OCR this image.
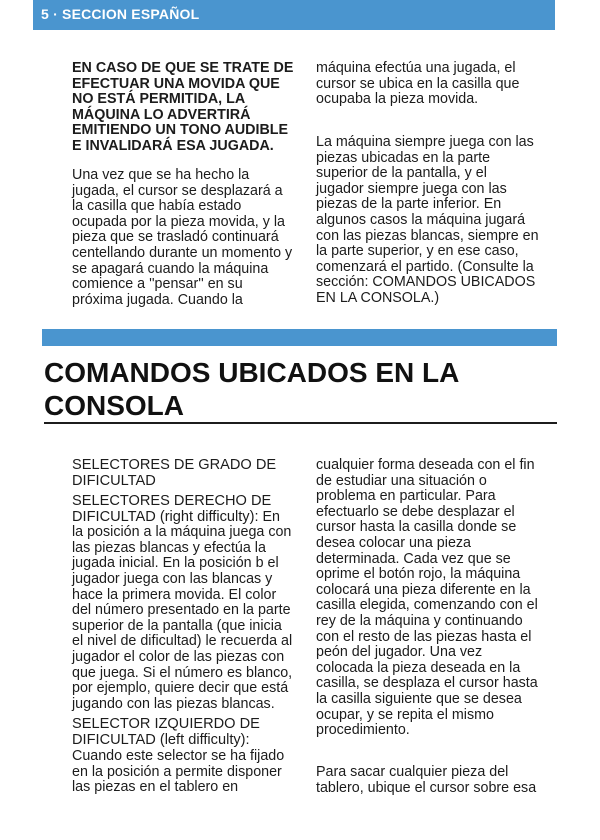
5 · SECCION ESPAÑOL

EN CASO DE QUE SE TRATE DE
EFECTUAR UNA MOVIDA QUE
NO ESTÁ PERMITIDA, LA
MÁQUINA LO ADVERTIRÁ
EMITIENDO UN TONO AUDIBLE
E INVALIDARÁ ESA JUGADA.

Una vez que se ha hecho la
jugada, el cursor se desplazará a
la casilla que había estado
ocupada por la pieza movida, y la
pieza que se trasladó continuará
centellando durante un momento y
se apagará cuando la máquina
comience a ''pensar'' en su
próxima jugada. Cuando la

máquina efectúa una jugada, el
cursor se ubica en la casilla que
ocupaba la pieza movida.

La máquina siempre juega con las
piezas ubicadas en la parte
superior de la pantalla, y el
jugador siempre juega con las
piezas de la parte inferior. En
algunos casos la máquina jugará
con las piezas blancas, siempre en
la parte superior, y en ese caso,
comenzará el partido. (Consulte la
sección: COMANDOS UBICADOS
EN LA CONSOLA.)

COMANDOS UBICADOS EN LA
CONSOLA

SELECTORES DE GRADO DE
DIFICULTAD

SELECTORES DERECHO DE
DIFICULTAD (right difficulty): En
la posición a la máquina juega con
las piezas blancas y efectúa la
jugada inicial. En la posición b el
jugador juega con las blancas y
hace la primera movida. El color
del número presentado en la parte
superior de la pantalla (que inicia
el nivel de dificultad) le recuerda al
jugador el color de las piezas con
que juega. Si el número es blanco,
por ejemplo, quiere decir que está
jugando con las piezas blancas.

SELECTOR IZQUIERDO DE
DIFICULTAD (left difficulty):

Cuando este selector se ha fijado
en la posición a permite disponer
las piezas en el tablero en

cualquier forma deseada con el fin
de estudiar una situación o
problema en particular. Para
efectuarlo se debe desplazar el
cursor hasta la casilla donde se
desea colocar una pieza
determinada. Cada vez que se
oprime el botón rojo, la máquina
colocará una pieza diferente en la
casilla elegida, comenzando con el
rey de la máquina y continuando
con el resto de las piezas hasta el
peón del jugador. Una vez
colocada la pieza deseada en la
casilla, se desplaza el cursor hasta
la casilla siguiente que se desea
ocupar, y se repita el mismo
procedimiento.

Para sacar cualquier pieza del
tablero, ubique el cursor sobre esa
